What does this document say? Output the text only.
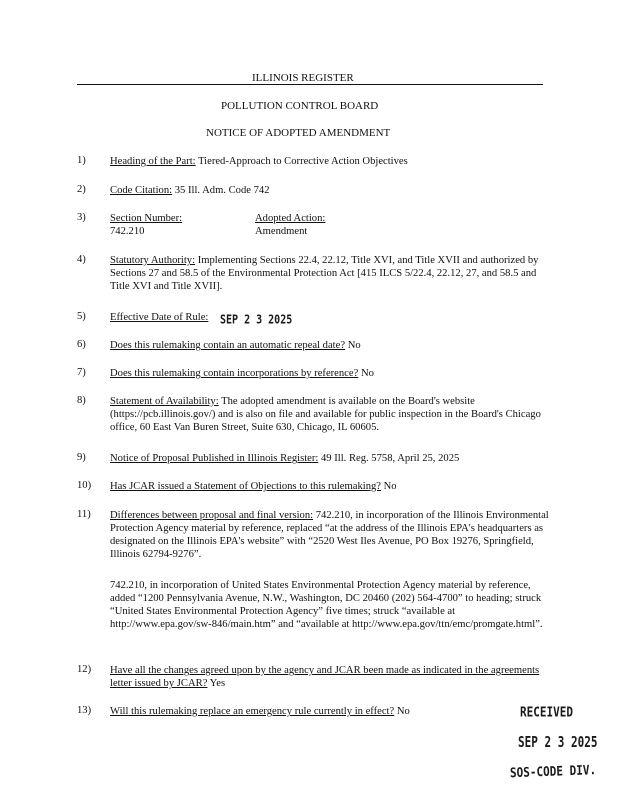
ILLINOIS REGISTER
POLLUTION CONTROL BOARD
NOTICE OF ADOPTED AMENDMENT
1) Heading of the Part: Tiered-Approach to Corrective Action Objectives
2) Code Citation: 35 Ill. Adm. Code 742
3) Section Number:
742.210
Adopted Action:
Amendment
4) Statutory Authority: Implementing Sections 22.4, 22.12, Title XVI, and Title XVII and authorized by Sections 27 and 58.5 of the Environmental Protection Act [415 ILCS 5/22.4, 22.12, 27, and 58.5 and Title XVI and Title XVII].
5) Effective Date of Rule: SEP 2 3 2025
6) Does this rulemaking contain an automatic repeal date? No
7) Does this rulemaking contain incorporations by reference? No
8) Statement of Availability: The adopted amendment is available on the Board's website (https://pcb.illinois.gov/) and is also on file and available for public inspection in the Board's Chicago office, 60 East Van Buren Street, Suite 630, Chicago, IL 60605.
9) Notice of Proposal Published in Illinois Register: 49 Ill. Reg. 5758, April 25, 2025
10) Has JCAR issued a Statement of Objections to this rulemaking? No
11) Differences between proposal and final version: 742.210, in incorporation of the Illinois Environmental Protection Agency material by reference, replaced “at the address of the Illinois EPA's headquarters as designated on the Illinois EPA's website” with “2520 West Iles Avenue, PO Box 19276, Springfield, Illinois 62794-9276”.
742.210, in incorporation of United States Environmental Protection Agency material by reference, added “1200 Pennsylvania Avenue, N.W., Washington, DC 20460 (202) 564-4700” to heading; struck “United States Environmental Protection Agency” five times; struck “available at http://www.epa.gov/sw-846/main.htm” and “available at http://www.epa.gov/ttn/emc/promgate.html”.
12) Have all the changes agreed upon by the agency and JCAR been made as indicated in the agreements letter issued by JCAR? Yes
13) Will this rulemaking replace an emergency rule currently in effect? No	RECEIVED
SEP 2 3 2025
SOS-CODE DIV.
